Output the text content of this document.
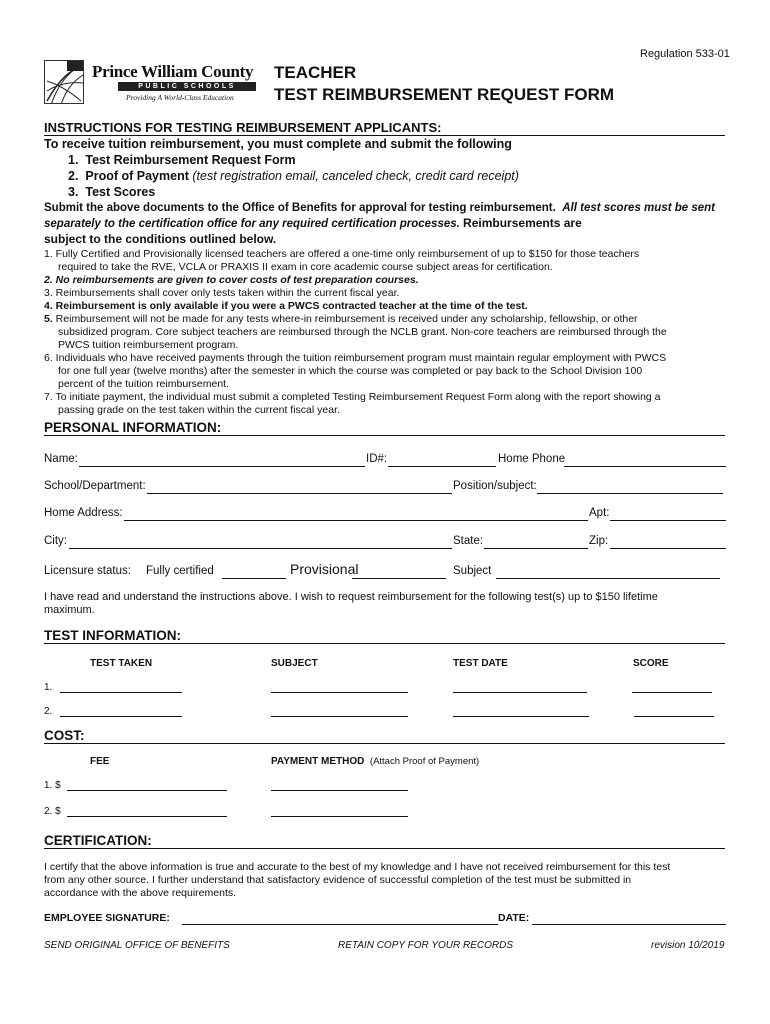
Regulation 533-01
Prince William County
PUBLIC SCHOOLS
Providing A World-Class Education
TEACHER
TEST REIMBURSEMENT REQUEST FORM
INSTRUCTIONS FOR TESTING REIMBURSEMENT APPLICANTS:
To receive tuition reimbursement, you must complete and submit the following
1. Test Reimbursement Request Form
2. Proof of Payment (test registration email, canceled check, credit card receipt)
3. Test Scores
Submit the above documents to the Office of Benefits for approval for testing reimbursement. All test scores must be sent separately to the certification office for any required certification processes. Reimbursements are
subject to the conditions outlined below.
1. Fully Certified and Provisionally licensed teachers are offered a one-time only reimbursement of up to $150 for those teachers
required to take the RVE, VCLA or PRAXIS II exam in core academic course subject areas for certification.
2. No reimbursements are given to cover costs of test preparation courses.
3. Reimbursements shall cover only tests taken within the current fiscal year.
4. Reimbursement is only available if you were a PWCS contracted teacher at the time of the test.
5. Reimbursement will not be made for any tests where-in reimbursement is received under any scholarship, fellowship, or other
subsidized program. Core subject teachers are reimbursed through the NCLB grant. Non-core teachers are reimbursed through the
PWCS tuition reimbursement program.
6. Individuals who have received payments through the tuition reimbursement program must maintain regular employment with PWCS
for one full year (twelve months) after the semester in which the course was completed or pay back to the School Division 100
percent of the tuition reimbursement.
7. To initiate payment, the individual must submit a completed Testing Reimbursement Request Form along with the report showing a
passing grade on the test taken within the current fiscal year.
PERSONAL INFORMATION:
Name:	ID#:	Home Phone
School/Department:	Position/subject:
Home Address:	Apt:
City:	State:	Zip:
Licensure status: Fully certified	Provisional	Subject
I have read and understand the instructions above. I wish to request reimbursement for the following test(s) up to $150 lifetime
maximum.
TEST INFORMATION:
TEST TAKEN	SUBJECT	TEST DATE	SCORE
1.
2.
COST:
FEE	PAYMENT METHOD (Attach Proof of Payment)
1. $
2. $
CERTIFICATION:
I certify that the above information is true and accurate to the best of my knowledge and I have not received reimbursement for this test
from any other source. I further understand that satisfactory evidence of successful completion of the test must be submitted in
accordance with the above requirements.
EMPLOYEE SIGNATURE:	DATE:
SEND ORIGINAL OFFICE OF BENEFITS	RETAIN COPY FOR YOUR RECORDS	revision 10/2019
